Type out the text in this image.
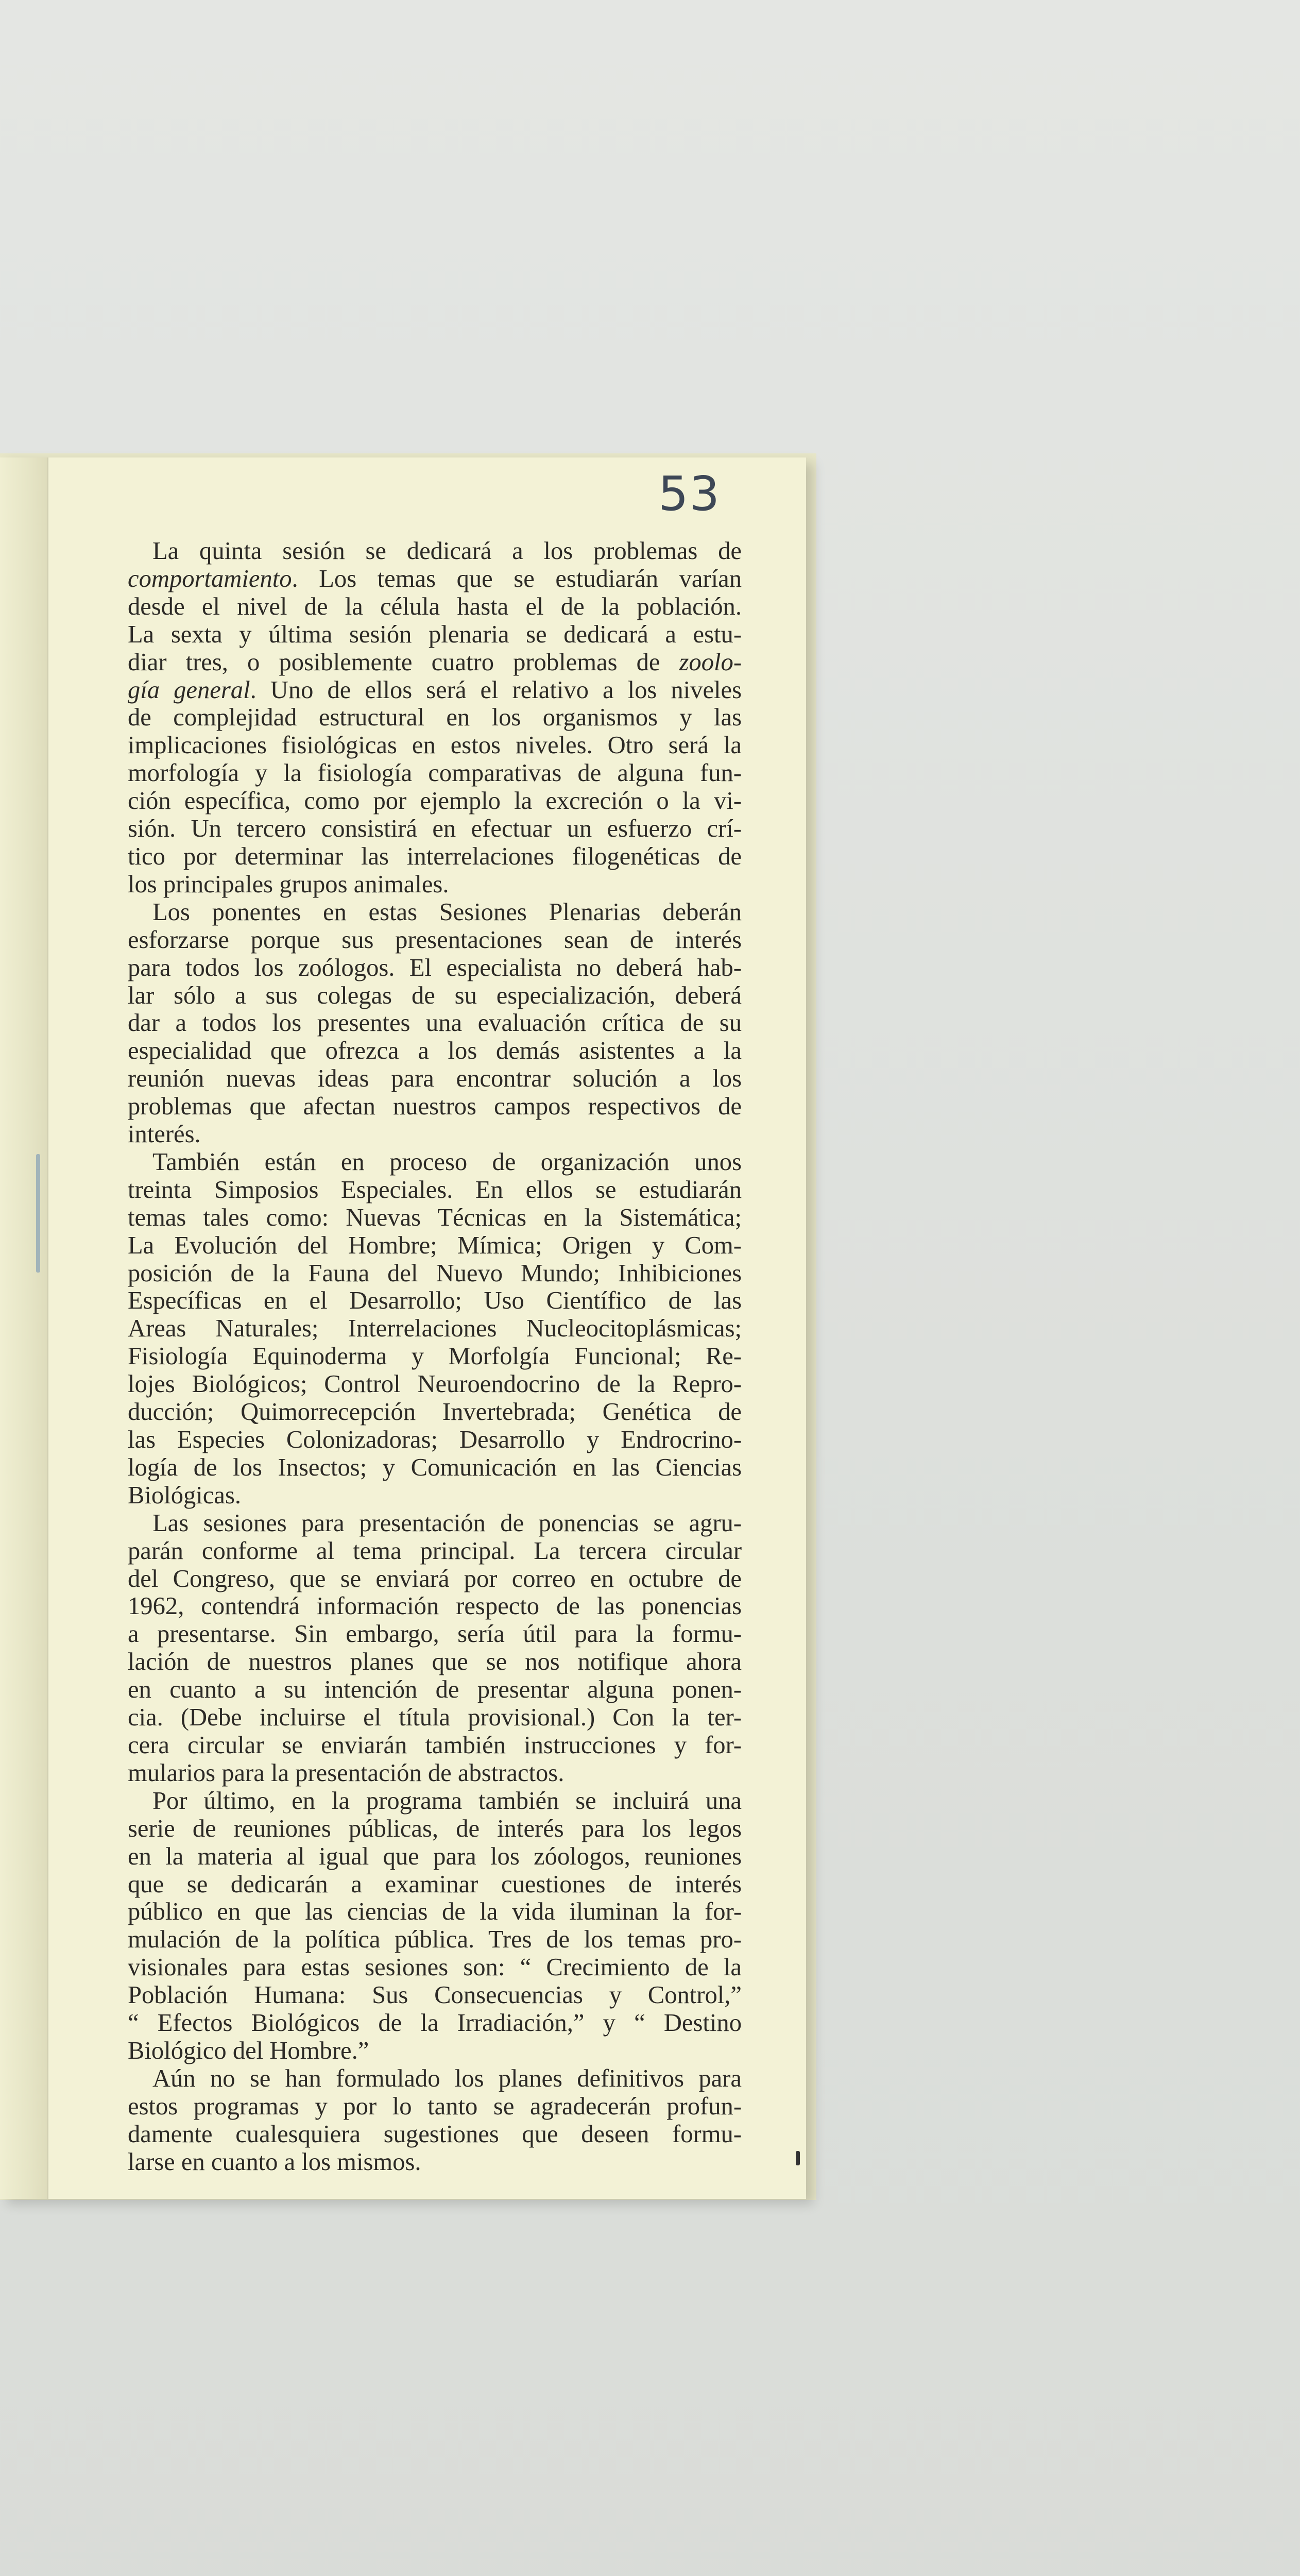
53
La quinta sesión se dedicará a los problemas de
comportamiento. Los temas que se estudiarán varían
desde el nivel de la célula hasta el de la población.
La sexta y última sesión plenaria se dedicará a estu-
diar tres, o posiblemente cuatro problemas de zoolo-
gía general. Uno de ellos será el relativo a los niveles
de complejidad estructural en los organismos y las
implicaciones fisiológicas en estos niveles. Otro será la
morfología y la fisiología comparativas de alguna fun-
ción específica, como por ejemplo la excreción o la vi-
sión. Un tercero consistirá en efectuar un esfuerzo crí-
tico por determinar las interrelaciones filogenéticas de
los principales grupos animales.
Los ponentes en estas Sesiones Plenarias deberán
esforzarse porque sus presentaciones sean de interés
para todos los zoólogos. El especialista no deberá hab-
lar sólo a sus colegas de su especialización, deberá
dar a todos los presentes una evaluación crítica de su
especialidad que ofrezca a los demás asistentes a la
reunión nuevas ideas para encontrar solución a los
problemas que afectan nuestros campos respectivos de
interés.
También están en proceso de organización unos
treinta Simposios Especiales. En ellos se estudiarán
temas tales como: Nuevas Técnicas en la Sistemática;
La Evolución del Hombre; Mímica; Origen y Com-
posición de la Fauna del Nuevo Mundo; Inhibiciones
Específicas en el Desarrollo; Uso Científico de las
Areas Naturales; Interrelaciones Nucleocitoplásmicas;
Fisiología Equinoderma y Morfolgía Funcional; Re-
lojes Biológicos; Control Neuroendocrino de la Repro-
ducción; Quimorrecepción Invertebrada; Genética de
las Especies Colonizadoras; Desarrollo y Endrocrino-
logía de los Insectos; y Comunicación en las Ciencias
Biológicas.
Las sesiones para presentación de ponencias se agru-
parán conforme al tema principal. La tercera circular
del Congreso, que se enviará por correo en octubre de
1962, contendrá información respecto de las ponencias
a presentarse. Sin embargo, sería útil para la formu-
lación de nuestros planes que se nos notifique ahora
en cuanto a su intención de presentar alguna ponen-
cia. (Debe incluirse el títula provisional.) Con la ter-
cera circular se enviarán también instrucciones y for-
mularios para la presentación de abstractos.
Por último, en la programa también se incluirá una
serie de reuniones públicas, de interés para los legos
en la materia al igual que para los zóologos, reuniones
que se dedicarán a examinar cuestiones de interés
público en que las ciencias de la vida iluminan la for-
mulación de la política pública. Tres de los temas pro-
visionales para estas sesiones son: “ Crecimiento de la
Población Humana: Sus Consecuencias y Control,”
“ Efectos Biológicos de la Irradiación,” y “ Destino
Biológico del Hombre.”
Aún no se han formulado los planes definitivos para
estos programas y por lo tanto se agradecerán profun-
damente cualesquiera sugestiones que deseen formu-
larse en cuanto a los mismos.
